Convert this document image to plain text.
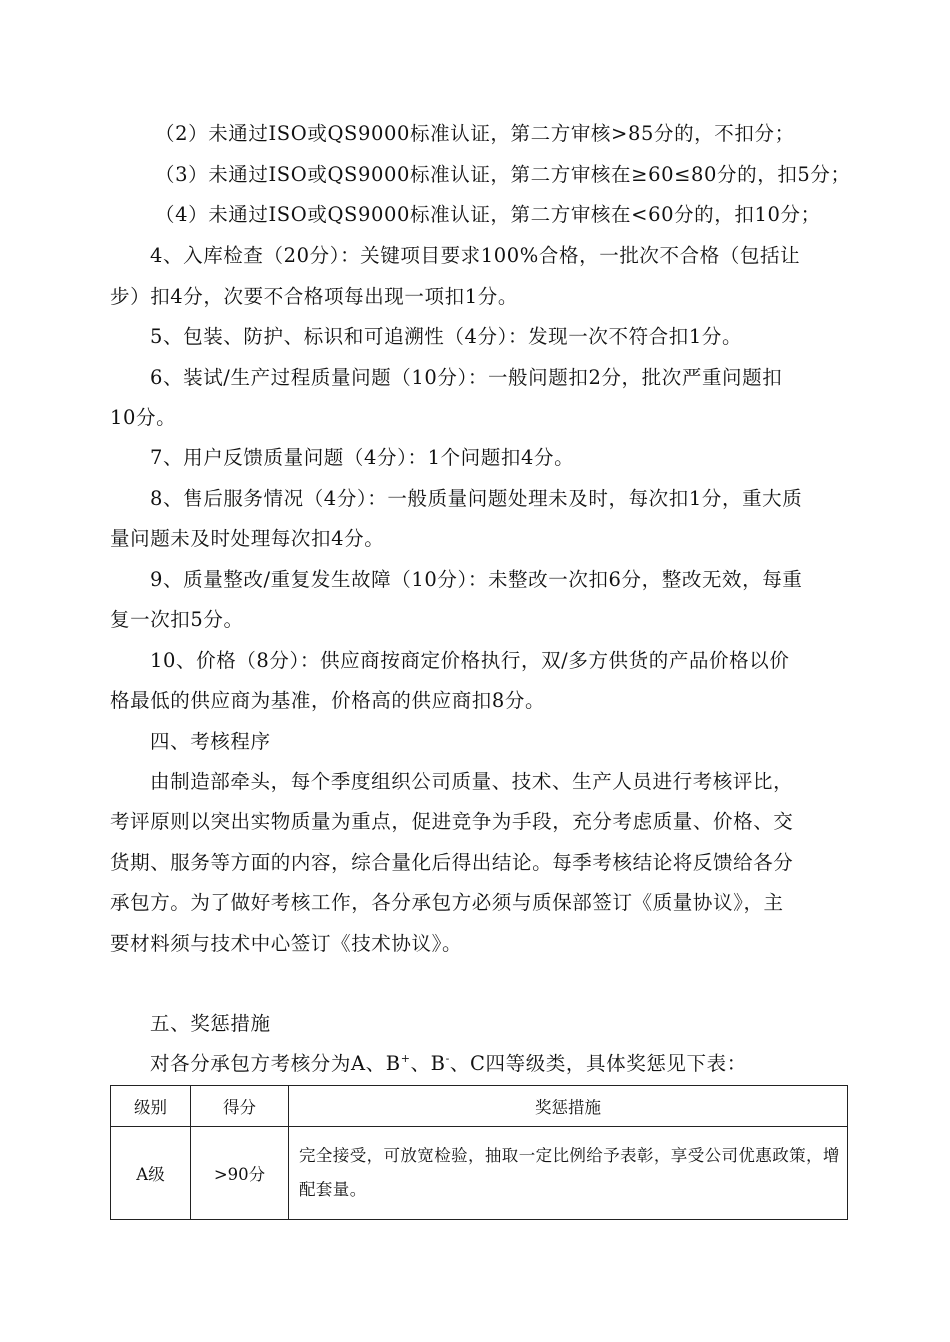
（2）未通过ISO或QS9000标准认证，第二方审核>85分的，不扣分；
（3）未通过ISO或QS9000标准认证，第二方审核在≥60≤80分的，扣5分；
（4）未通过ISO或QS9000标准认证，第二方审核在<60分的，扣10分；
4、入库检查（20分）：关键项目要求100%合格，一批次不合格（包括让
步）扣4分，次要不合格项每出现一项扣1分。
5、包装、防护、标识和可追溯性（4分）：发现一次不符合扣1分。
6、装试/生产过程质量问题（10分）：一般问题扣2分，批次严重问题扣
10分。
7、用户反馈质量问题（4分）：1个问题扣4分。
8、售后服务情况（4分）：一般质量问题处理未及时，每次扣1分，重大质
量问题未及时处理每次扣4分。
9、质量整改/重复发生故障（10分）：未整改一次扣6分，整改无效，每重
复一次扣5分。
10、价格（8分）：供应商按商定价格执行，双/多方供货的产品价格以价
格最低的供应商为基准，价格高的供应商扣8分。
四、考核程序
由制造部牵头，每个季度组织公司质量、技术、生产人员进行考核评比，
考评原则以突出实物质量为重点，促进竞争为手段，充分考虑质量、价格、交
货期、服务等方面的内容，综合量化后得出结论。每季考核结论将反馈给各分
承包方。为了做好考核工作，各分承包方必须与质保部签订《质量协议》，主
要材料须与技术中心签订《技术协议》。
五、奖惩措施
对各分承包方考核分为A、B+、B-、C四等级类，具体奖惩见下表：
级别	得分	奖惩措施
A级	>90分	完全接受，可放宽检验，抽取一定比例给予表彰，享受公司优惠政策，增配套量。
